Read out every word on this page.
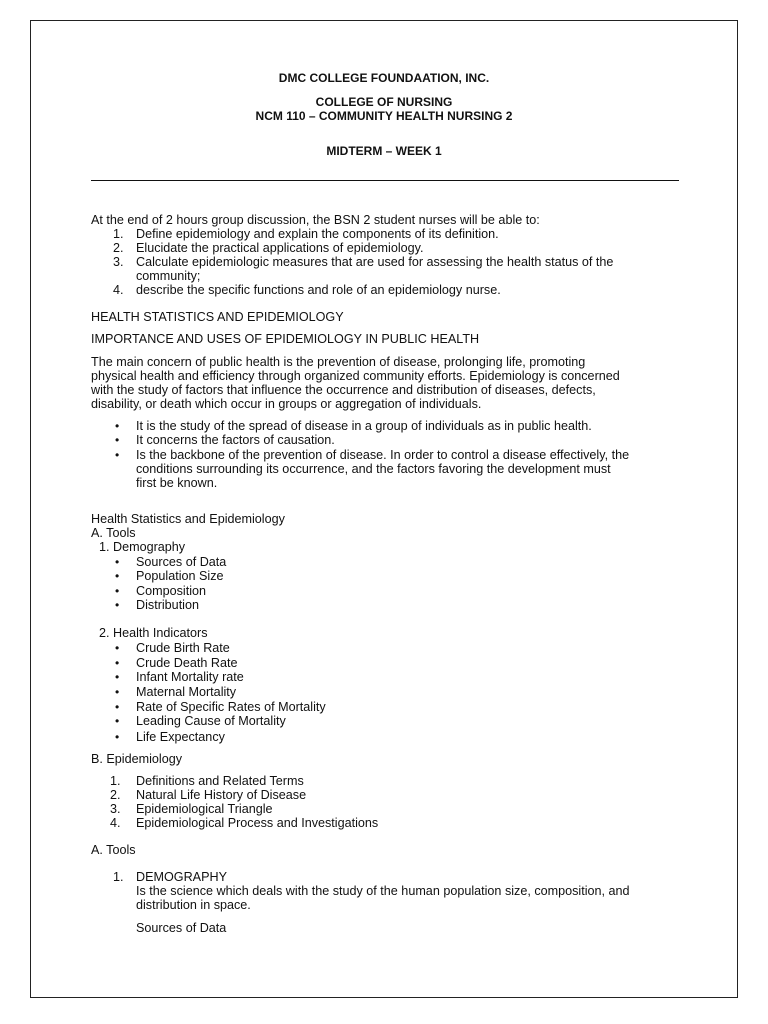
DMC COLLEGE FOUNDAATION, INC.
COLLEGE OF NURSING
NCM 110 – COMMUNITY HEALTH NURSING 2
MIDTERM – WEEK 1
At the end of 2 hours group discussion, the BSN 2 student nurses will be able to:
1. Define epidemiology and explain the components of its definition.
2. Elucidate the practical applications of epidemiology.
3. Calculate epidemiologic measures that are used for assessing the health status of the
community;
4. describe the specific functions and role of an epidemiology nurse.
HEALTH STATISTICS AND EPIDEMIOLOGY
IMPORTANCE AND USES OF EPIDEMIOLOGY IN PUBLIC HEALTH
The main concern of public health is the prevention of disease, prolonging life, promoting
physical health and efficiency through organized community efforts. Epidemiology is concerned
with the study of factors that influence the occurrence and distribution of diseases, defects,
disability, or death which occur in groups or aggregation of individuals.
• It is the study of the spread of disease in a group of individuals as in public health.
• It concerns the factors of causation.
• Is the backbone of the prevention of disease. In order to control a disease effectively, the
conditions surrounding its occurrence, and the factors favoring the development must
first be known.
Health Statistics and Epidemiology
A. Tools
1. Demography
• Sources of Data
• Population Size
• Composition
• Distribution
2. Health Indicators
• Crude Birth Rate
• Crude Death Rate
• Infant Mortality rate
• Maternal Mortality
• Rate of Specific Rates of Mortality
• Leading Cause of Mortality
• Life Expectancy
B. Epidemiology
1. Definitions and Related Terms
2. Natural Life History of Disease
3. Epidemiological Triangle
4. Epidemiological Process and Investigations
A. Tools
1. DEMOGRAPHY
Is the science which deals with the study of the human population size, composition, and
distribution in space.
Sources of Data
